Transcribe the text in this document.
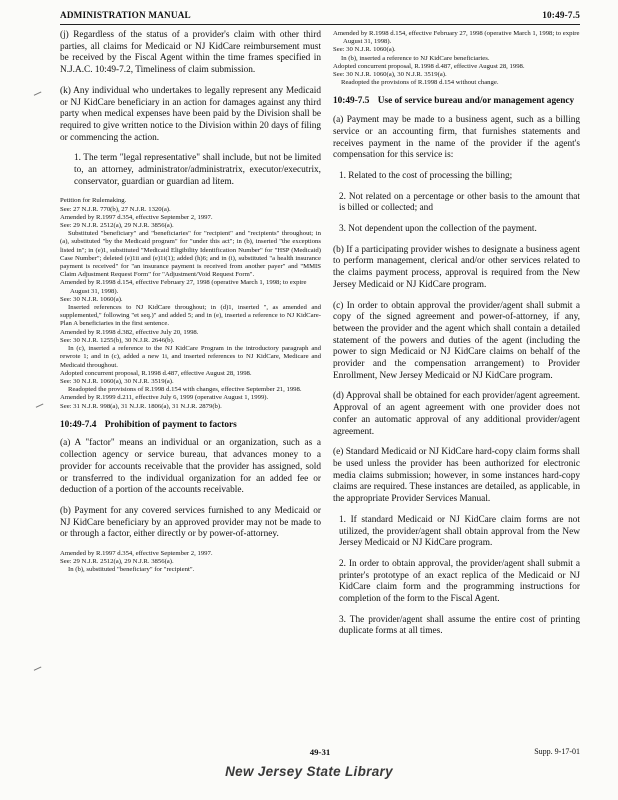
ADMINISTRATION MANUAL	10:49-7.5

(j) Regardless of the status of a provider's claim with other third parties, all claims for Medicaid or NJ KidCare reimbursement must be received by the Fiscal Agent within the time frames specified in N.J.A.C. 10:49-7.2, Timeliness of claim submission.

(k) Any individual who undertakes to legally represent any Medicaid or NJ KidCare beneficiary in an action for damages against any third party when medical expenses have been paid by the Division shall be required to give written notice to the Division within 20 days of filing or commencing the action.

1. The term "legal representative" shall include, but not be limited to, an attorney, administrator/administratrix, executor/executrix, conservator, guardian or guardian ad litem.

Petition for Rulemaking.

See: 27 N.J.R. 770(b), 27 N.J.R. 1320(a).

Amended by R.1997 d.354, effective September 2, 1997.

See: 29 N.J.R. 2512(a), 29 N.J.R. 3856(a).

Substituted "beneficiary" and "beneficiaries" for "recipient" and "recipients" throughout; in (a), substituted "by the Medicaid program" for "under this act"; in (b), inserted "the exceptions listed in"; in (e)1, substituted "Medicaid Eligibility Identification Number" for "HSP (Medicaid) Case Number"; deleted (e)1ii and (e)1i(1); added (h)6; and in (i), substituted "a health insurance payment is received" for "an insurance payment is received from another payer" and "MMIS Claim Adjustment Request Form" for "Adjustment/Void Request Form".

Amended by R.1998 d.154, effective February 27, 1998 (operative March 1, 1998; to expire August 31, 1998).

See: 30 N.J.R. 1060(a).

Inserted references to NJ KidCare throughout; in (d)1, inserted ", as amended and supplemented," following "et seq.)" and added 5; and in (e), inserted a reference to NJ KidCare-Plan A beneficiaries in the first sentence.

Amended by R.1998 d.382, effective July 20, 1998.

See: 30 N.J.R. 1255(b), 30 N.J.R. 2646(b).

In (c), inserted a reference to the NJ KidCare Program in the introductory paragraph and rewrote 1; and in (c), added a new 1i, and inserted references to NJ KidCare, Medicare and Medicaid throughout.

Adopted concurrent proposal, R.1998 d.487, effective August 28, 1998.

See: 30 N.J.R. 1060(a), 30 N.J.R. 3519(a).

Readopted the provisions of R.1998 d.154 with changes, effective September 21, 1998.

Amended by R.1999 d.211, effective July 6, 1999 (operative August 1, 1999).

See: 31 N.J.R. 998(a), 31 N.J.R. 1806(a), 31 N.J.R. 2879(b).

10:49-7.4 Prohibition of payment to factors

(a) A "factor" means an individual or an organization, such as a collection agency or service bureau, that advances money to a provider for accounts receivable that the provider has assigned, sold or transferred to the individual organization for an added fee or deduction of a portion of the accounts receivable.

(b) Payment for any covered services furnished to any Medicaid or NJ KidCare beneficiary by an approved provider may not be made to or through a factor, either directly or by power-of-attorney.

Amended by R.1997 d.354, effective September 2, 1997.

See: 29 N.J.R. 2512(a), 29 N.J.R. 3856(a).

In (b), substituted "beneficiary" for "recipient".

Amended by R.1998 d.154, effective February 27, 1998 (operative March 1, 1998; to expire August 31, 1998).

See: 30 N.J.R. 1060(a).

In (b), inserted a reference to NJ KidCare beneficiaries.

Adopted concurrent proposal, R.1998 d.487, effective August 28, 1998.

See: 30 N.J.R. 1060(a), 30 N.J.R. 3519(a).

Readopted the provisions of R.1998 d.154 without change.

10:49-7.5 Use of service bureau and/or management agency

(a) Payment may be made to a business agent, such as a billing service or an accounting firm, that furnishes statements and receives payment in the name of the provider if the agent's compensation for this service is:

1. Related to the cost of processing the billing;

2. Not related on a percentage or other basis to the amount that is billed or collected; and

3. Not dependent upon the collection of the payment.

(b) If a participating provider wishes to designate a business agent to perform management, clerical and/or other services related to the claims payment process, approval is required from the New Jersey Medicaid or NJ KidCare program.

(c) In order to obtain approval the provider/agent shall submit a copy of the signed agreement and power-of-attorney, if any, between the provider and the agent which shall contain a detailed statement of the powers and duties of the agent (including the power to sign Medicaid or NJ KidCare claims on behalf of the provider and the compensation arrangement) to Provider Enrollment, New Jersey Medicaid or NJ KidCare program.

(d) Approval shall be obtained for each provider/agent agreement. Approval of an agent agreement with one provider does not confer an automatic approval of any additional provider/agent agreement.

(e) Standard Medicaid or NJ KidCare hard-copy claim forms shall be used unless the provider has been authorized for electronic media claims submission; however, in some instances hard-copy claims are required. These instances are detailed, as applicable, in the appropriate Provider Services Manual.

1. If standard Medicaid or NJ KidCare claim forms are not utilized, the provider/agent shall obtain approval from the New Jersey Medicaid or NJ KidCare program.

2. In order to obtain approval, the provider/agent shall submit a printer's prototype of an exact replica of the Medicaid or NJ KidCare claim form and the programming instructions for completion of the form to the Fiscal Agent.

3. The provider/agent shall assume the entire cost of printing duplicate forms at all times.

49-31	Supp. 9-17-01
New Jersey State Library
